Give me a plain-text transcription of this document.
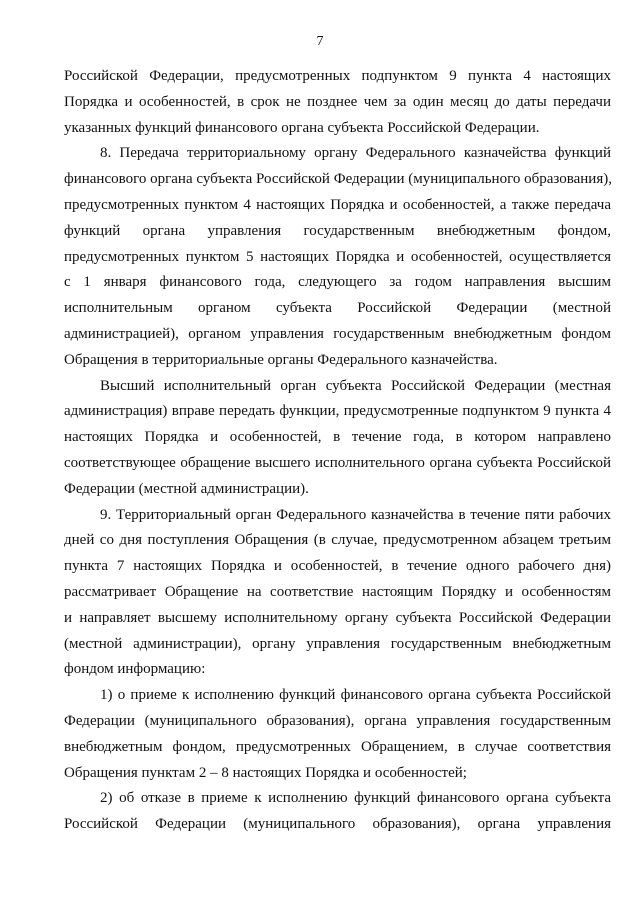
7
Российской Федерации, предусмотренных подпунктом 9 пункта 4 настоящих
Порядка и особенностей, в срок не позднее чем за один месяц до даты передачи
указанных функций финансового органа субъекта Российской Федерации.
8. Передача территориальному органу Федерального казначейства функций
финансового органа субъекта Российской Федерации (муниципального образования),
предусмотренных пунктом 4 настоящих Порядка и особенностей, а также передача
функций органа управления государственным внебюджетным фондом,
предусмотренных пунктом 5 настоящих Порядка и особенностей, осуществляется
с 1 января финансового года, следующего за годом направления высшим
исполнительным органом субъекта Российской Федерации (местной
администрацией), органом управления государственным внебюджетным фондом
Обращения в территориальные органы Федерального казначейства.
Высший исполнительный орган субъекта Российской Федерации (местная
администрация) вправе передать функции, предусмотренные подпунктом 9 пункта 4
настоящих Порядка и особенностей, в течение года, в котором направлено
соответствующее обращение высшего исполнительного органа субъекта Российской
Федерации (местной администрации).
9. Территориальный орган Федерального казначейства в течение пяти рабочих
дней со дня поступления Обращения (в случае, предусмотренном абзацем третьим
пункта 7 настоящих Порядка и особенностей, в течение одного рабочего дня)
рассматривает Обращение на соответствие настоящим Порядку и особенностям
и направляет высшему исполнительному органу субъекта Российской Федерации
(местной администрации), органу управления государственным внебюджетным
фондом информацию:
1) о приеме к исполнению функций финансового органа субъекта Российской
Федерации (муниципального образования), органа управления государственным
внебюджетным фондом, предусмотренных Обращением, в случае соответствия
Обращения пунктам 2 – 8 настоящих Порядка и особенностей;
2) об отказе в приеме к исполнению функций финансового органа субъекта
Российской Федерации (муниципального образования), органа управления
